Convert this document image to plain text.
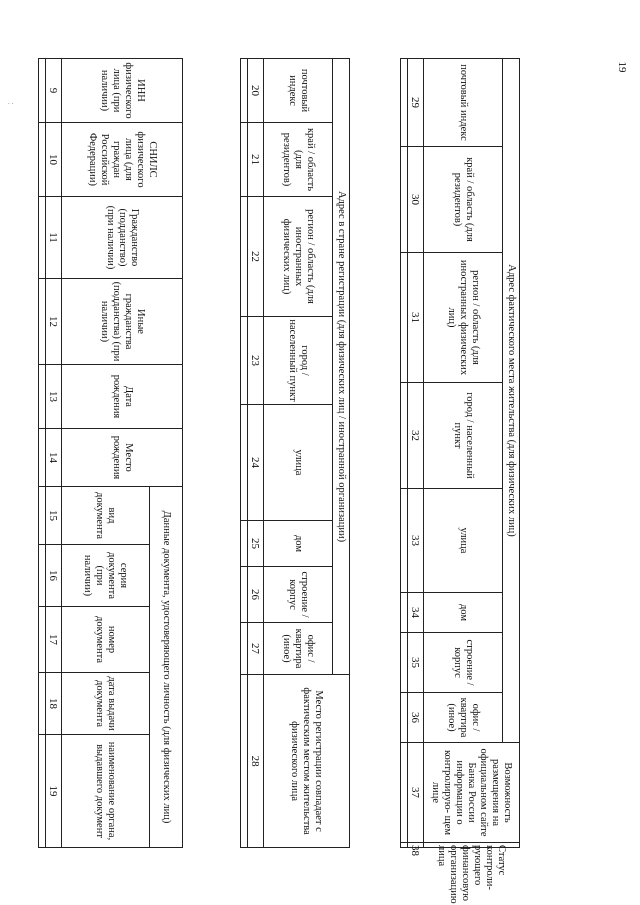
19
. .
ИНН физического лица (при наличии)	СНИЛС физического лица (для граждан Российской Федерации)	Гражданство (подданство) (при наличии)	Иные гражданства (подданства) (при наличии)	Дата рождения	Место рождения	Данные документа, удостоверяющего личность (для физических лиц)				
						вид документа	серия документа (при наличии)	номер документа	дата выдачи документа	наименование органа, выдавшего документ
9	10	11	12	13	14	15	16	17	18	19

Адрес в стране регистрации (для физических лиц / иностранной организации)								Место регистрации совпадает с фактическим местом жительства физического лица
почтовый индекс	край / область (для резидентов)	регион / область (для иностранных физических лиц)	город / населенный пункт	улица	дом	строение / корпус	офис / квартира (иное)	
20	21	22	23	24	25	26	27	28

Адрес фактического места жительства (для физических лиц)								Возможность размещения на официальном сайте Банка России информации о контролирую- щем лице	Статус контроли- рующего финансовую организацию лица
почтовый индекс	край / область (для резидентов)	регион / область (для иностранных физических лиц)	город / населенный пункт	улица	дом	строение / корпус	офис / квартира (иное)		
29	30	31	32	33	34	35	36	37	38
